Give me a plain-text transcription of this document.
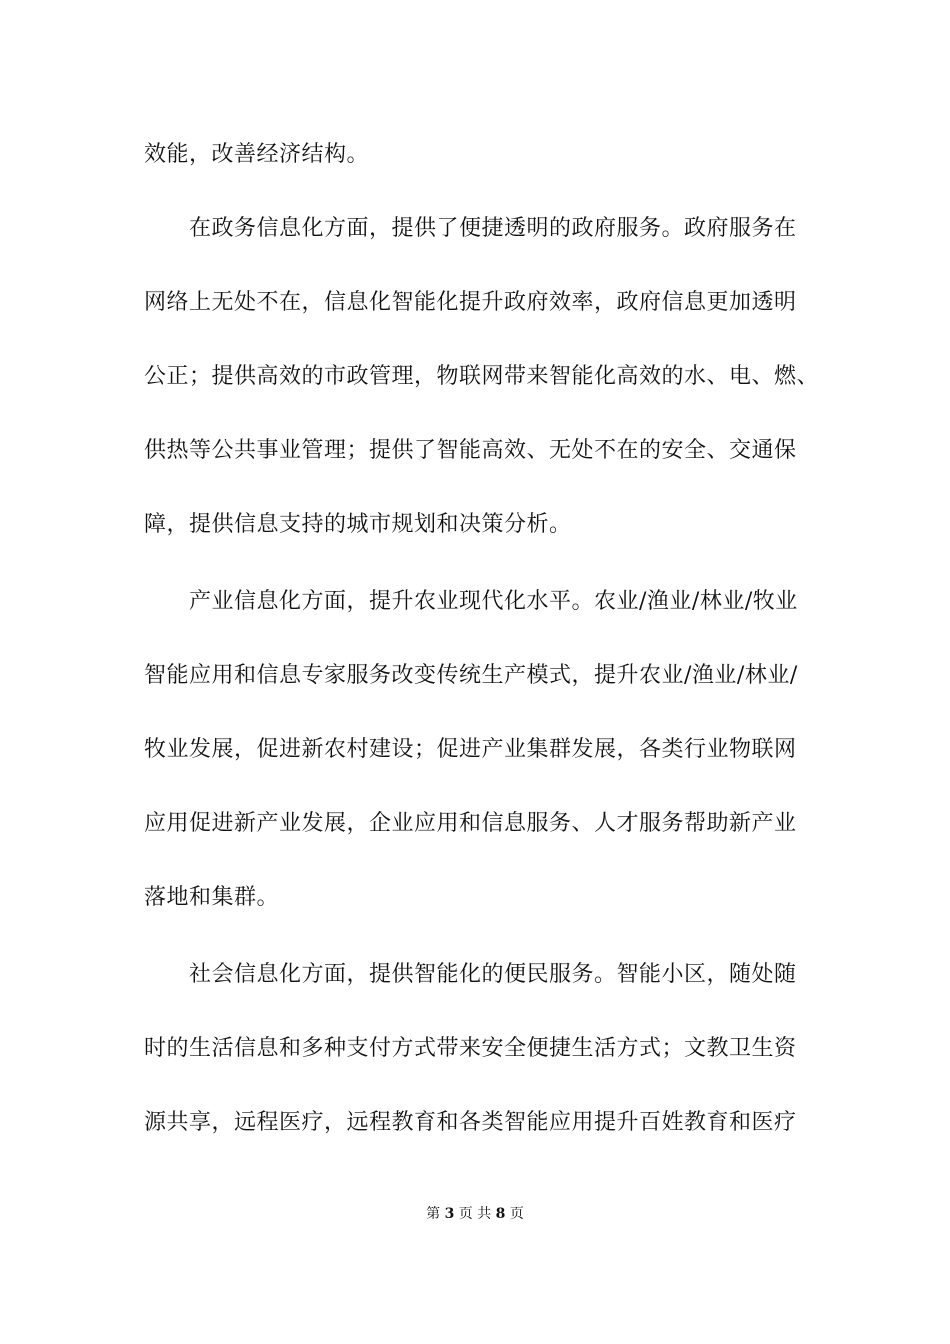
效能，改善经济结构。

在政务信息化方面，提供了便捷透明的政府服务。政府服务在

网络上无处不在，信息化智能化提升政府效率，政府信息更加透明

公正；提供高效的市政管理，物联网带来智能化高效的水、电、燃、

供热等公共事业管理；提供了智能高效、无处不在的安全、交通保

障，提供信息支持的城市规划和决策分析。

产业信息化方面，提升农业现代化水平。农业/渔业/林业/牧业

智能应用和信息专家服务改变传统生产模式，提升农业/渔业/林业/

牧业发展，促进新农村建设；促进产业集群发展，各类行业物联网

应用促进新产业发展，企业应用和信息服务、人才服务帮助新产业

落地和集群。

社会信息化方面，提供智能化的便民服务。智能小区，随处随

时的生活信息和多种支付方式带来安全便捷生活方式；文教卫生资

源共享，远程医疗，远程教育和各类智能应用提升百姓教育和医疗

第 3 页 共 8 页
